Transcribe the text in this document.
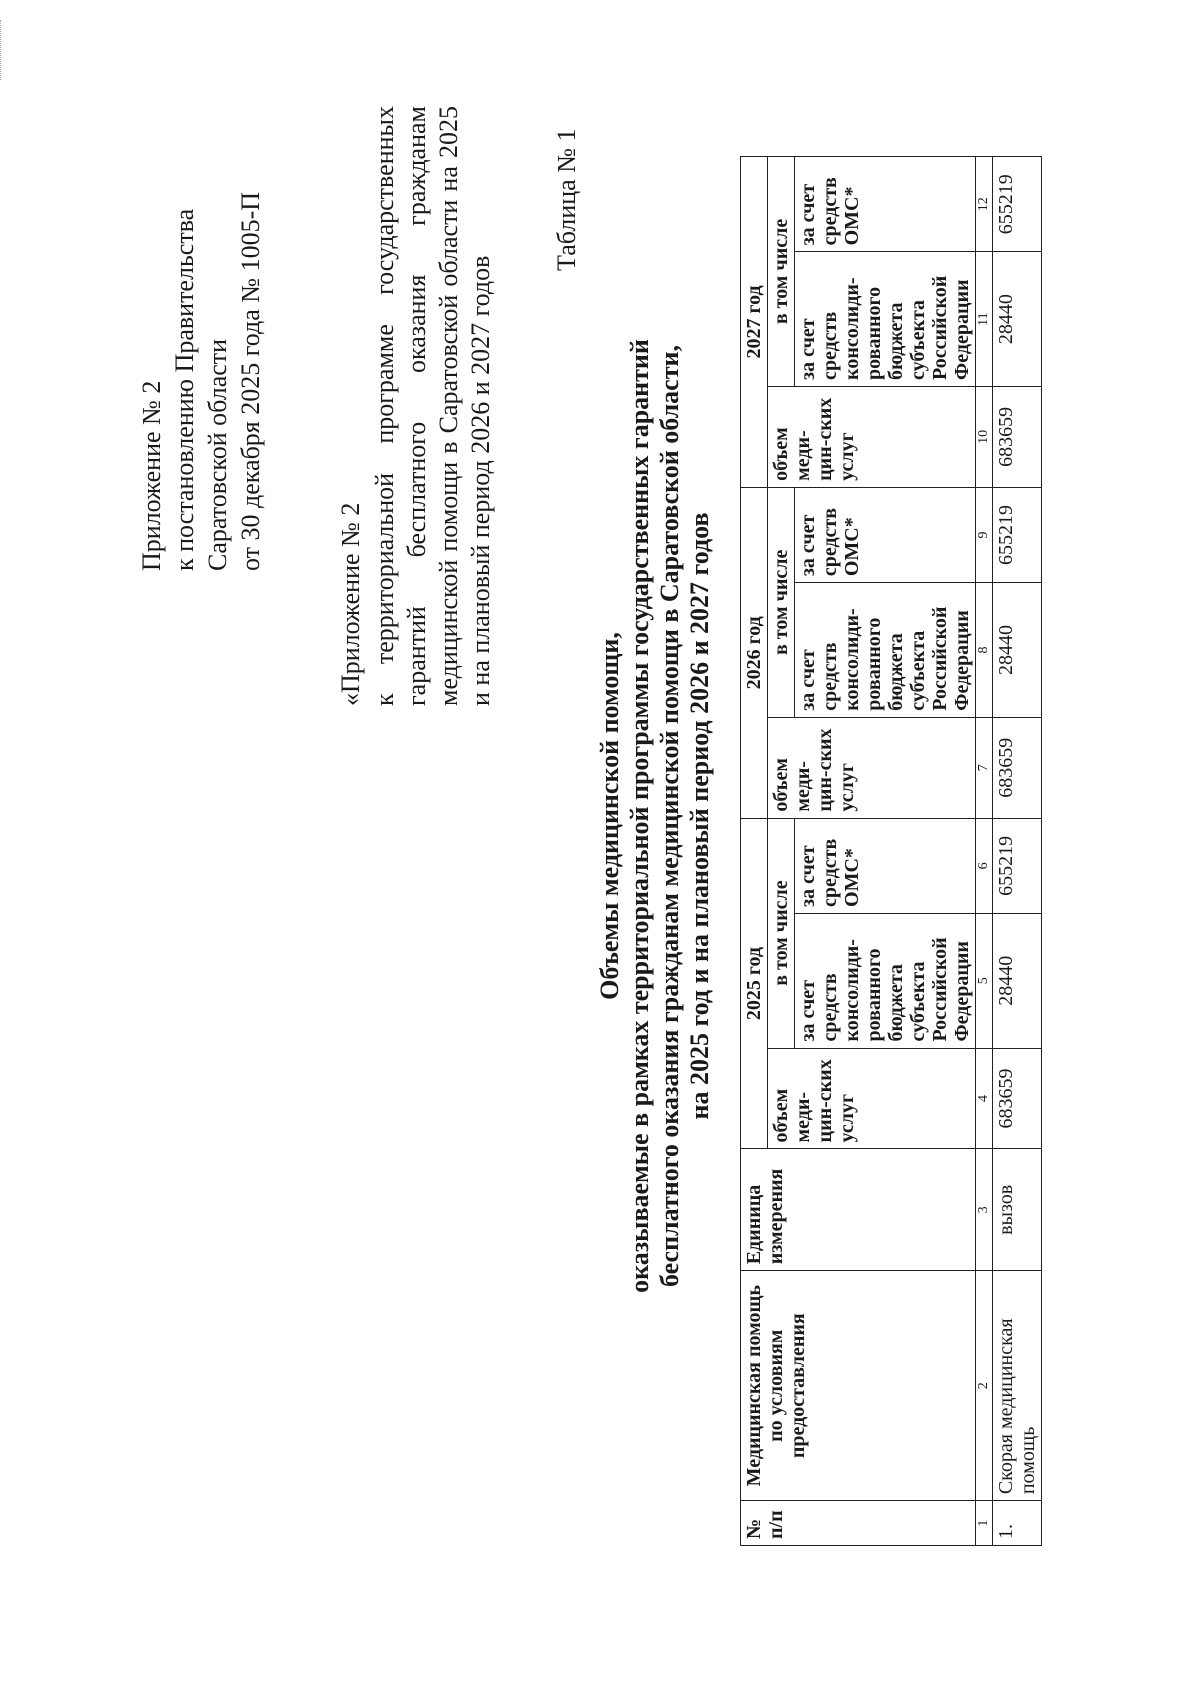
Приложение № 2 к постановлению Правительства Саратовской области от 30 декабря 2025 года № 1005-П
«Приложение № 2 к территориальной программе государственных гарантий бесплатного оказания гражданам медицинской помощи в Саратовской области на 2025 и на плановый период 2026 и 2027 годов
Таблица № 1
Объемы медицинской помощи, оказываемые в рамках территориальной программы государственных гарантий бесплатного оказания гражданам медицинской помощи в Саратовской области, на 2025 год и на плановый период 2026 и 2027 годов
№ п/п	Медицинская помощь по условиям предоставления	Единица измерения	2025 год			2026 год			2027 год		
			объем меди-цин-ских услуг	в том числе		объем меди-цин-ских услуг	в том числе		объем меди-цин-ских услуг	в том числе	
				за счет средств консолиди-рованного бюджета субъекта Российской Федерации	за счет средств ОМС*		за счет средств консолиди-рованного бюджета субъекта Российской Федерации	за счет средств ОМС*		за счет средств консолиди-рованного бюджета субъекта Российской Федерации	за счет средств ОМС*
1	2	3	4	5	6	7	8	9	10	11	12
1.	Скорая медицинская помощь	вызов	683659	28440	655219	683659	28440	655219	683659	28440	655219
